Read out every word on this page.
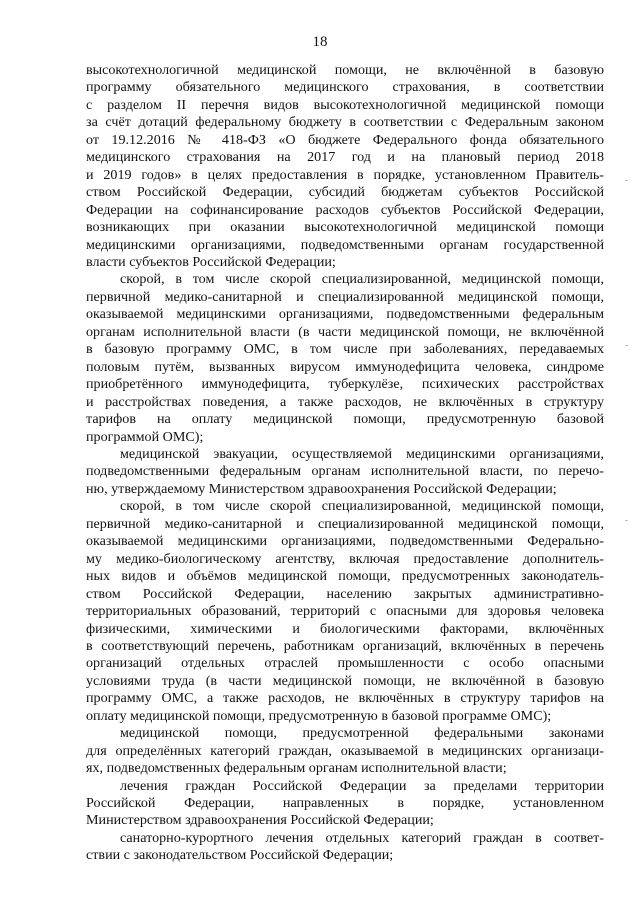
18
высокотехнологичной медицинской помощи, не включённой в базовую
программу обязательного медицинского страхования, в соответствии
с разделом II перечня видов высокотехнологичной медицинской помощи
за счёт дотаций федеральному бюджету в соответствии с Федеральным законом
от 19.12.2016 № 418-ФЗ «О бюджете Федерального фонда обязательного
медицинского страхования на 2017 год и на плановый период 2018
и 2019 годов» в целях предоставления в порядке, установленном Правитель-
ством Российской Федерации, субсидий бюджетам субъектов Российской
Федерации на софинансирование расходов субъектов Российской Федерации,
возникающих при оказании высокотехнологичной медицинской помощи
медицинскими организациями, подведомственными органам государственной
власти субъектов Российской Федерации;
скорой, в том числе скорой специализированной, медицинской помощи,
первичной медико-санитарной и специализированной медицинской помощи,
оказываемой медицинскими организациями, подведомственными федеральным
органам исполнительной власти (в части медицинской помощи, не включённой
в базовую программу ОМС, в том числе при заболеваниях, передаваемых
половым путём, вызванных вирусом иммунодефицита человека, синдроме
приобретённого иммунодефицита, туберкулёзе, психических расстройствах
и расстройствах поведения, а также расходов, не включённых в структуру
тарифов на оплату медицинской помощи, предусмотренную базовой
программой ОМС);
медицинской эвакуации, осуществляемой медицинскими организациями,
подведомственными федеральным органам исполнительной власти, по перечо-
ню, утверждаемому Министерством здравоохранения Российской Федерации;
скорой, в том числе скорой специализированной, медицинской помощи,
первичной медико-санитарной и специализированной медицинской помощи,
оказываемой медицинскими организациями, подведомственными Федерально-
му медико-биологическому агентству, включая предоставление дополнитель-
ных видов и объёмов медицинской помощи, предусмотренных законодатель-
ством Российской Федерации, населению закрытых административно-
территориальных образований, территорий с опасными для здоровья человека
физическими, химическими и биологическими факторами, включённых
в соответствующий перечень, работникам организаций, включённых в перечень
организаций отдельных отраслей промышленности с особо опасными
условиями труда (в части медицинской помощи, не включённой в базовую
программу ОМС, а также расходов, не включённых в структуру тарифов на
оплату медицинской помощи, предусмотренную в базовой программе ОМС);
медицинской помощи, предусмотренной федеральными законами
для определённых категорий граждан, оказываемой в медицинских организаци-
ях, подведомственных федеральным органам исполнительной власти;
лечения граждан Российской Федерации за пределами территории
Российской Федерации, направленных в порядке, установленном
Министерством здравоохранения Российской Федерации;
санаторно-курортного лечения отдельных категорий граждан в соответ-
ствии с законодательством Российской Федерации;
